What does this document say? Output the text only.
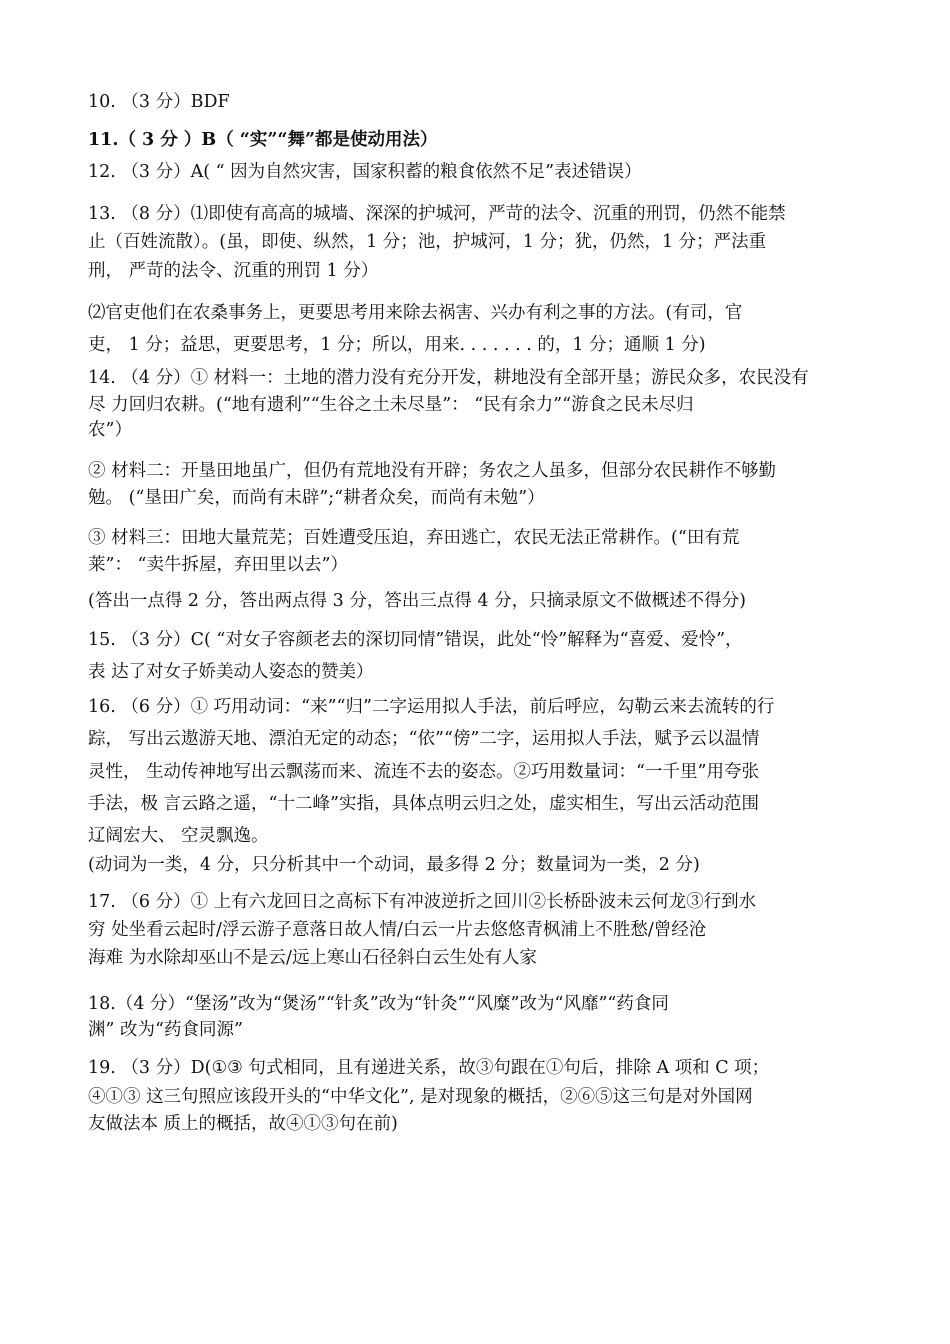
10. （3 分）BDF
11.（ 3 分 ）B（ “实”“舞”都是使动用法）
12. （3 分）A( “ 因为自然灾害，国家积蓄的粮食依然不足”表述错误）
13. （8 分）⑴即使有高高的城墙、深深的护城河，严苛的法令、沉重的刑罚，仍然不能禁
止（百姓流散）。(虽，即使、纵然，1 分；池，护城河，1 分；犹，仍然，1 分；严法重
刑， 严苛的法令、沉重的刑罚 1 分）
⑵官吏他们在农桑事务上，更要思考用来除去祸害、兴办有利之事的方法。(有司，官
吏， 1 分；益思，更要思考，1 分；所以，用来. . . . . . . 的，1 分；通顺 1 分)
14. （4 分）① 材料一：土地的潜力没有充分开发，耕地没有全部开垦；游民众多，农民没有
尽 力回归农耕。(“地有遗利”“生谷之土未尽垦”： “民有余力”“游食之民未尽归
农”）
② 材料二：开垦田地虽广，但仍有荒地没有开辟；务农之人虽多，但部分农民耕作不够勤
勉。 (“垦田广矣，而尚有未辟”;“耕者众矣，而尚有未勉”）
③ 材料三：田地大量荒芜；百姓遭受压迫，弃田逃亡，农民无法正常耕作。(“田有荒
莱”： “卖牛拆屋，弃田里以去”）
(答出一点得 2 分，答出两点得 3 分，答出三点得 4 分，只摘录原文不做概述不得分)
15. （3 分）C( “对女子容颜老去的深切同情”错误，此处“怜”解释为“喜爱、爱怜”，
表 达了对女子娇美动人姿态的赞美）
16. （6 分）① 巧用动词：“来”“归”二字运用拟人手法，前后呼应，勾勒云来去流转的行
踪， 写出云遨游天地、漂泊无定的动态；“依”“傍”二字，运用拟人手法，赋予云以温情
灵性， 生动传神地写出云飘荡而来、流连不去的姿态。②巧用数量词：“一千里”用夸张
手法，极 言云路之遥，“十二峰”实指，具体点明云归之处，虚实相生，写出云活动范围
辽阔宏大、 空灵飘逸。
(动词为一类，4 分，只分析其中一个动词，最多得 2 分；数量词为一类，2 分)
17. （6 分）① 上有六龙回日之高标下有冲波逆折之回川②长桥卧波未云何龙③行到水
穷 处坐看云起时/浮云游子意落日故人情/白云一片去悠悠青枫浦上不胜愁/曾经沧
海难 为水除却巫山不是云/远上寒山石径斜白云生处有人家
18.（4 分）“堡汤”改为“煲汤”“针炙”改为“针灸”“风糜”改为“风靡”“药食同
渊” 改为“药食同源”
19. （3 分）D(①③ 句式相同，且有递进关系，故③句跟在①句后，排除 A 项和 C 项；
④①③ 这三句照应该段开头的“中华文化”, 是对现象的概括，②⑥⑤这三句是对外国网
友做法本 质上的概括，故④①③句在前)
